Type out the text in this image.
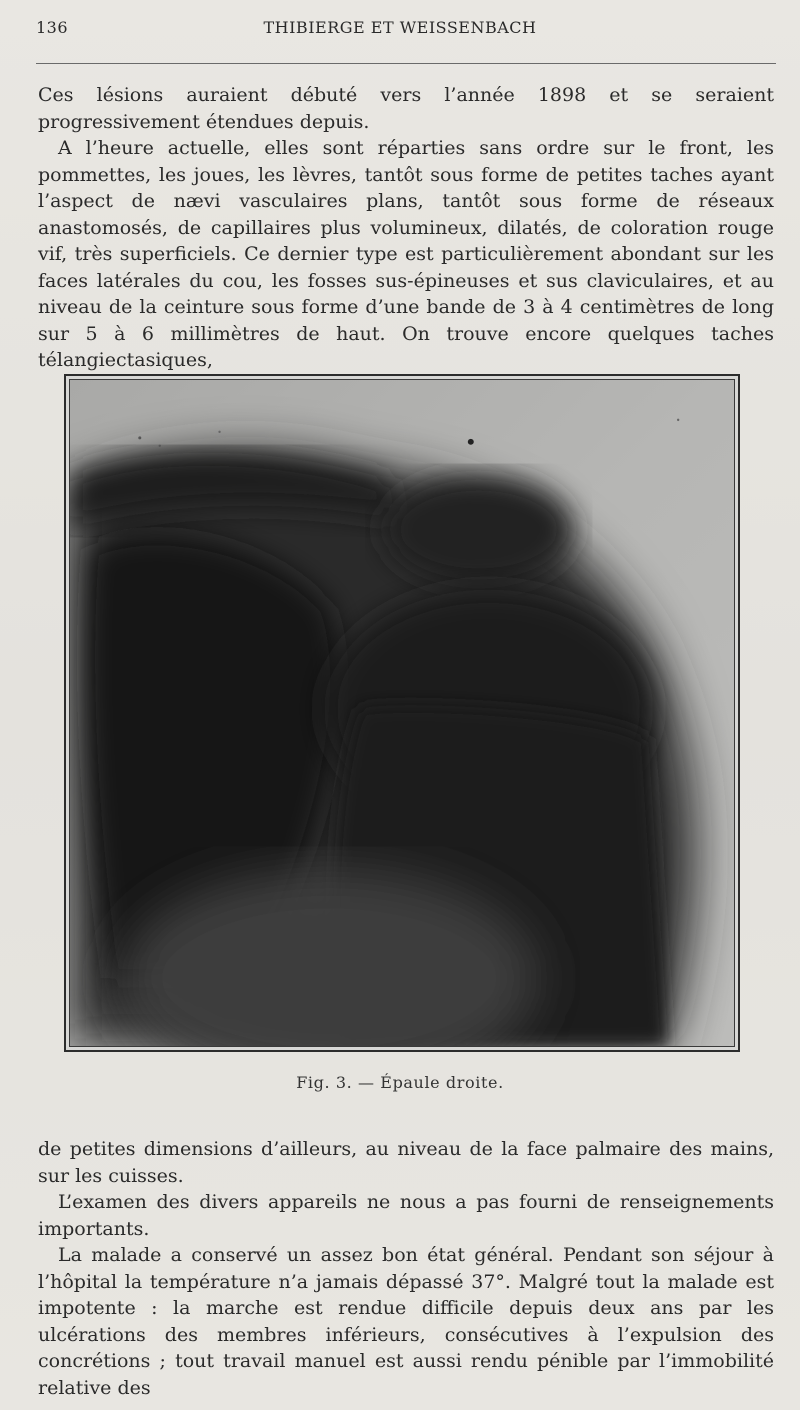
136	THIBIERGE ET WEISSENBACH

Ces lésions auraient débuté vers l’année 1898 et se seraient progressivement étendues depuis.

A l’heure actuelle, elles sont réparties sans ordre sur le front, les pommettes, les joues, les lèvres, tantôt sous forme de petites taches ayant l’aspect de nævi vasculaires plans, tantôt sous forme de réseaux anastomosés, de capillaires plus volumineux, dilatés, de coloration rouge vif, très superficiels. Ce dernier type est particulièrement abondant sur les faces latérales du cou, les fosses sus-épineuses et sus claviculaires, et au niveau de la ceinture sous forme d’une bande de 3 à 4 centimètres de long sur 5 à 6 millimètres de haut. On trouve encore quelques taches télangiectasiques,

Fig. 3. — Épaule droite.

de petites dimensions d’ailleurs, au niveau de la face palmaire des mains, sur les cuisses.

L’examen des divers appareils ne nous a pas fourni de renseignements importants.

La malade a conservé un assez bon état général. Pendant son séjour à l’hôpital la température n’a jamais dépassé 37°. Malgré tout la malade est impotente : la marche est rendue difficile depuis deux ans par les ulcérations des membres inférieurs, consécutives à l’expulsion des concrétions ; tout travail manuel est aussi rendu pénible par l’immobilité relative des
